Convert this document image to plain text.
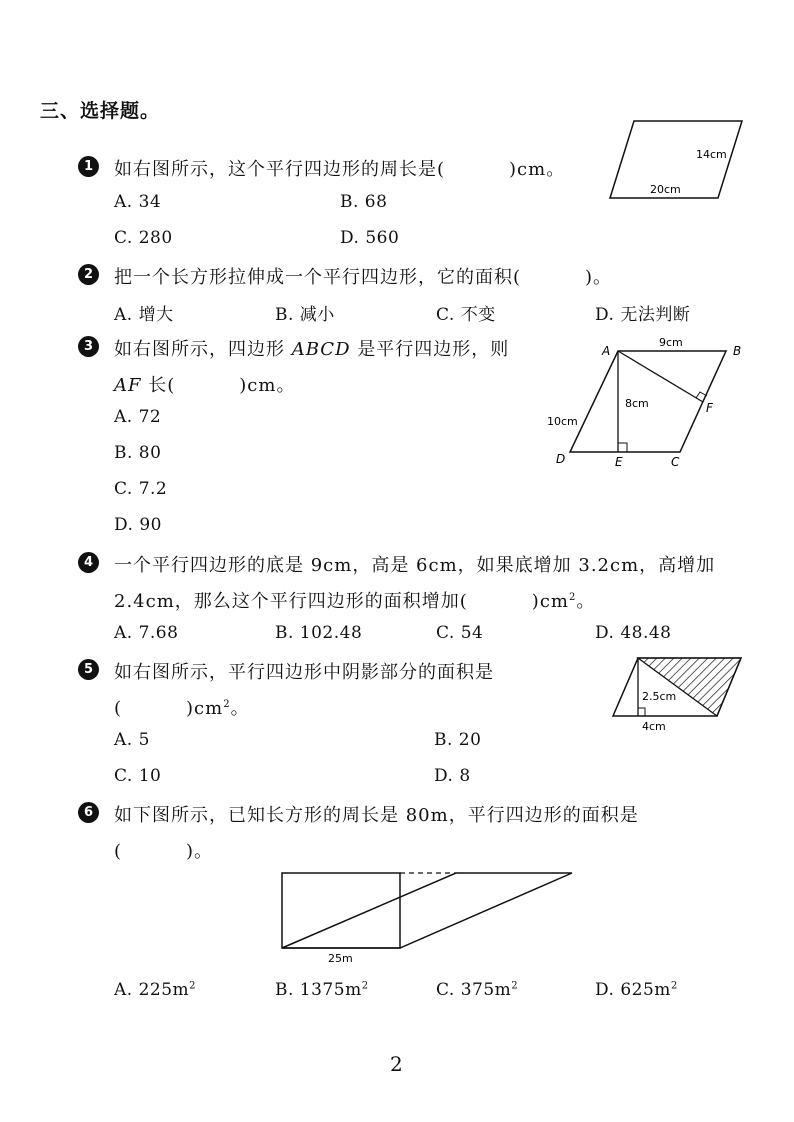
三、选择题。
1	如右图所示，这个平行四边形的周长是(	)cm。
A. 34	B. 68
C. 280	D. 560
14cm
20cm
2	把一个长方形拉伸成一个平行四边形，它的面积(	)。
A. 增大	B. 减小	C. 不变	D. 无法判断
3	如右图所示，四边形 ABCD 是平行四边形，则
AF 长(	)cm。
A. 72
B. 80
C. 7.2
D. 90
A	B
C
D	E
F
9cm
8cm
10cm
4	一个平行四边形的底是 9cm，高是 6cm，如果底增加 3.2cm，高增加
2.4cm，那么这个平行四边形的面积增加(	)$cm^2$。
A. 7.68	B. 102.48	C. 54	D. 48.48
5	如右图所示，平行四边形中阴影部分的面积是
(	)$cm^2$。
A. 5	B. 20
C. 10	D. 8
2.5cm
4cm
6	如下图所示，已知长方形的周长是 80m，平行四边形的面积是
(	)。
25m
A. $225m^2$	B. $1375m^2$	C. $375m^2$	D. $625m^2$
2
